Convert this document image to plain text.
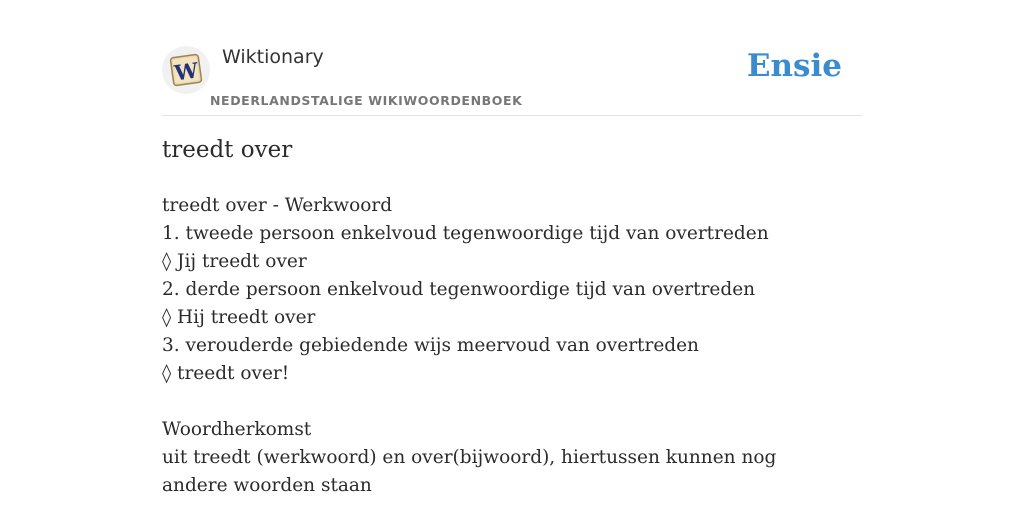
W
Wiktionary
NEDERLANDSTALIGE WIKIWOORDENBOEK
Ensie
treedt over
treedt over - Werkwoord
1. tweede persoon enkelvoud tegenwoordige tijd van overtreden
◊ Jij treedt over
2. derde persoon enkelvoud tegenwoordige tijd van overtreden
◊ Hij treedt over
3. verouderde gebiedende wijs meervoud van overtreden
◊ treedt over!
Woordherkomst
uit treedt (werkwoord) en over(bijwoord), hiertussen kunnen nog andere woorden staan
